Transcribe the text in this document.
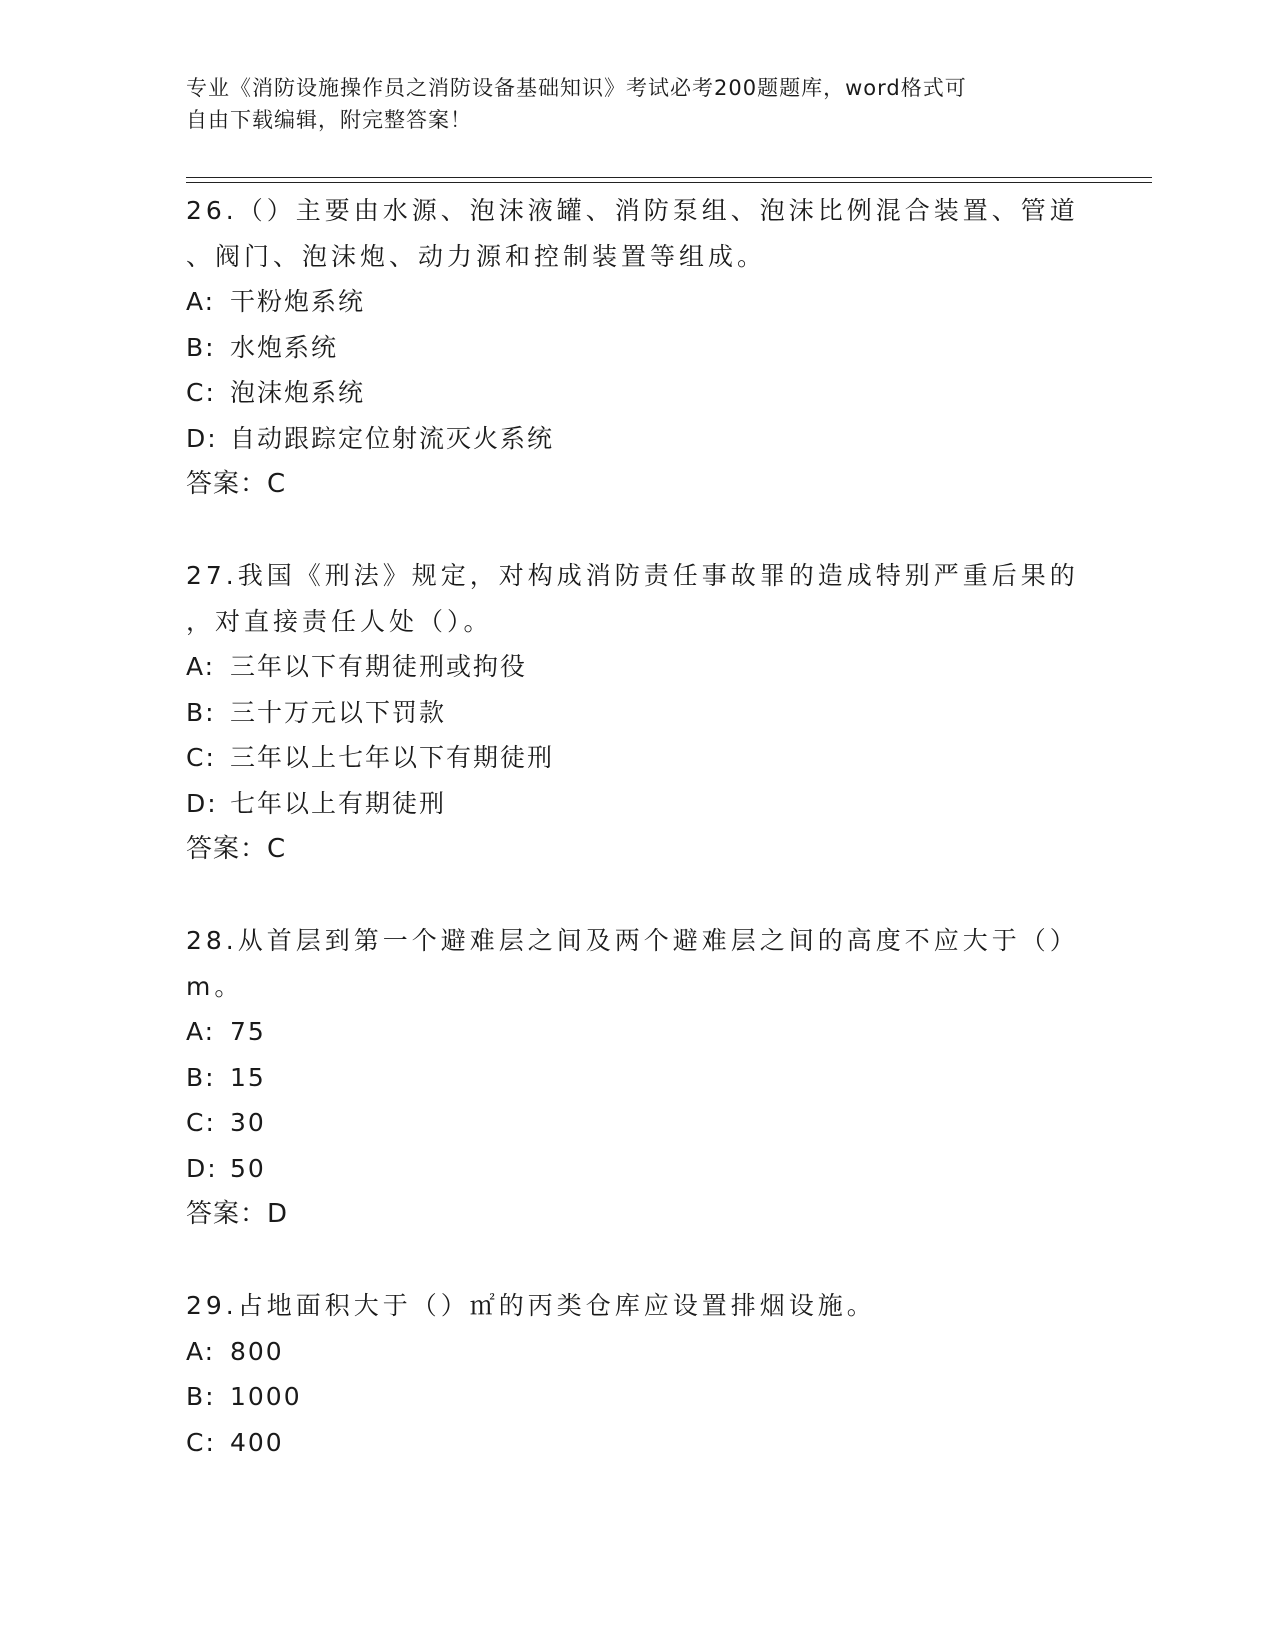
专业《消防设施操作员之消防设备基础知识》考试必考200题题库，word格式可
自由下载编辑，附完整答案！
26.（）主要由水源、泡沫液罐、消防泵组、泡沫比例混合装置、管道
、阀门、泡沫炮、动力源和控制装置等组成。
A: 干粉炮系统
B: 水炮系统
C: 泡沫炮系统
D: 自动跟踪定位射流灭火系统
答案：C
27.我国《刑法》规定，对构成消防责任事故罪的造成特别严重后果的
，对直接责任人处（）。
A: 三年以下有期徒刑或拘役
B: 三十万元以下罚款
C: 三年以上七年以下有期徒刑
D: 七年以上有期徒刑
答案：C
28.从首层到第一个避难层之间及两个避难层之间的高度不应大于（）
m。
A: 75
B: 15
C: 30
D: 50
答案：D
29.占地面积大于（）㎡的丙类仓库应设置排烟设施。
A: 800
B: 1000
C: 400
